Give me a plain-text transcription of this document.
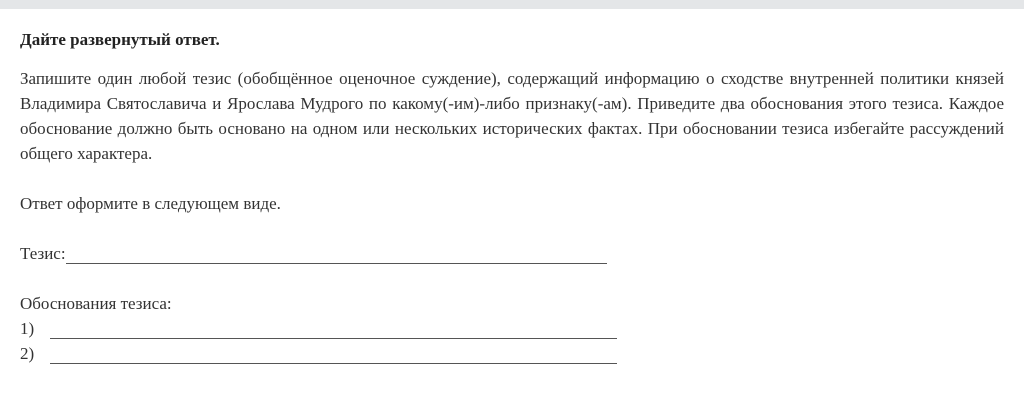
Дайте развернутый ответ.
Запишите один любой тезис (обобщённое оценочное суждение), содержащий информацию о сходстве внутренней политики князей Владимира Святославича и Ярослава Мудрого по какому(-им)-либо признаку(-ам). Приведите два обоснования этого тезиса. Каждое обоснование должно быть основано на одном или нескольких исторических фактах. При обосновании тезиса избегайте рассуждений общего характера.
Ответ оформите в следующем виде.
Тезис:
Обоснования тезиса:
1)
2)
